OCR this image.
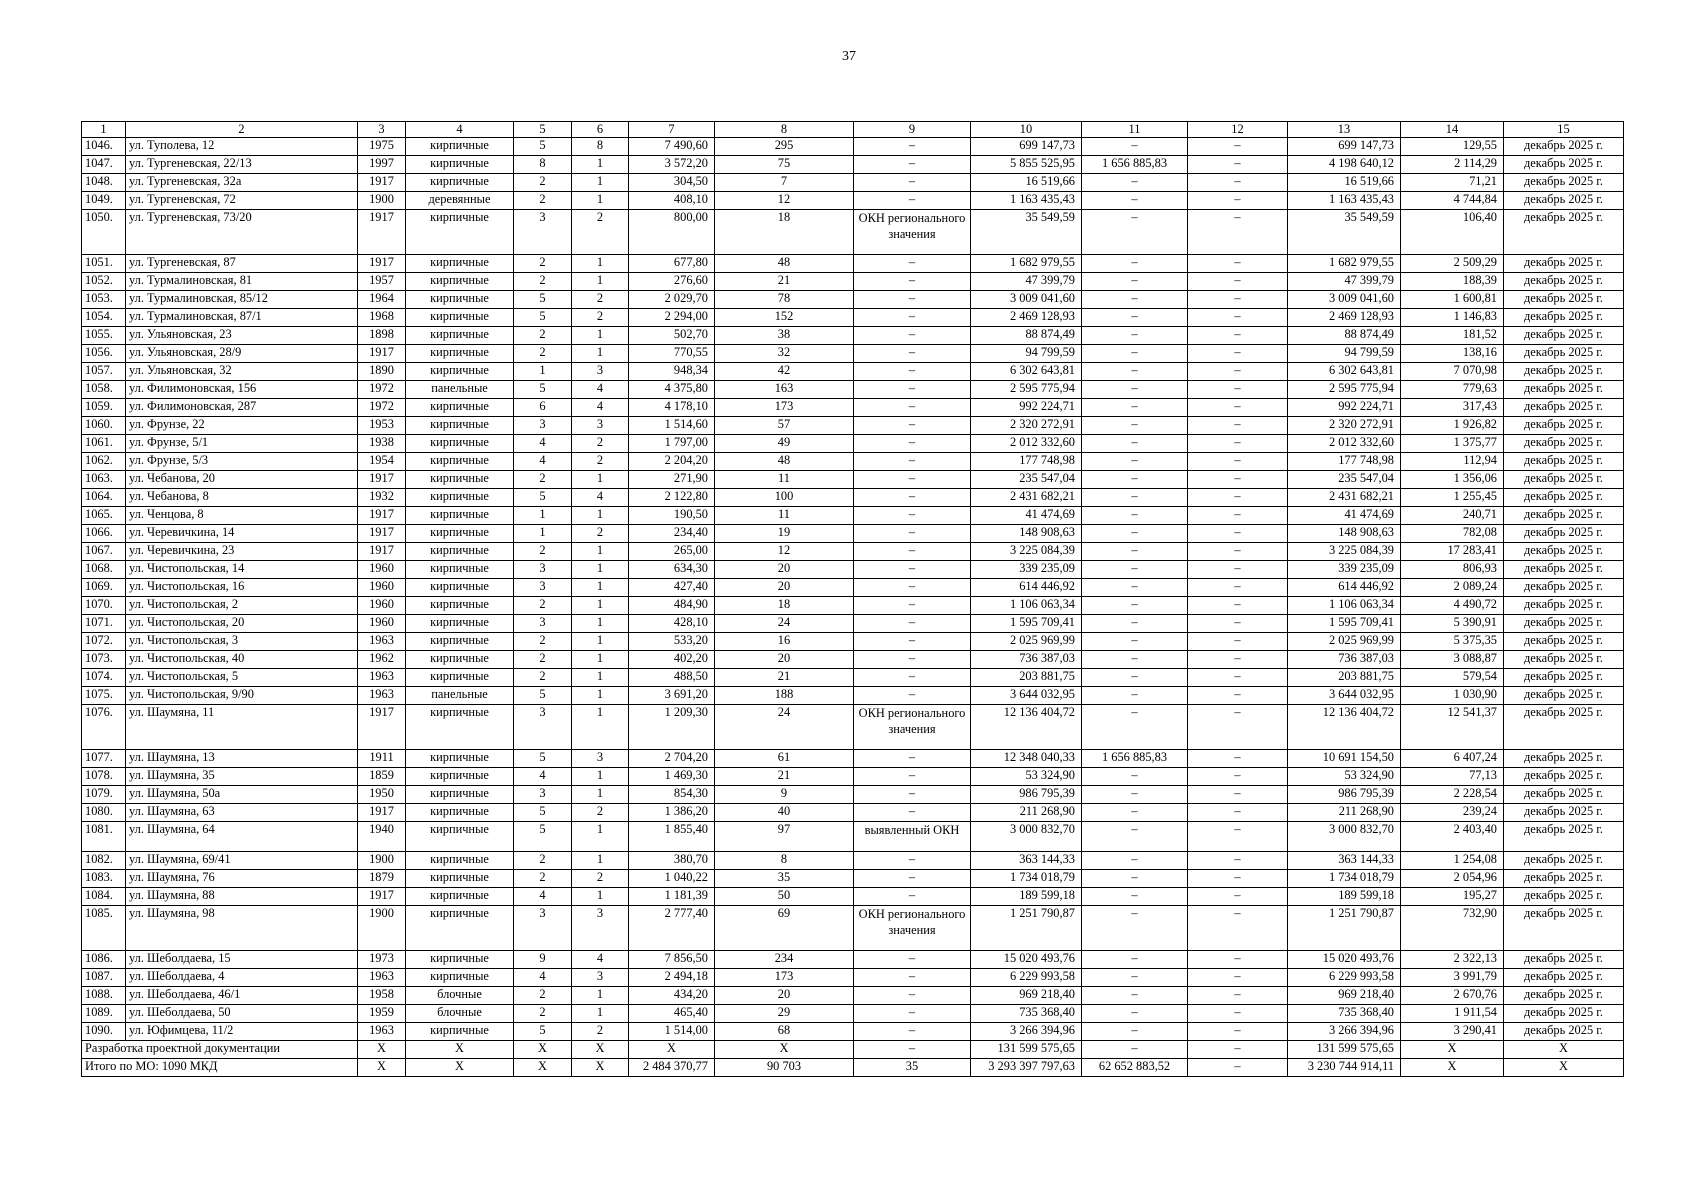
37
1	2	3	4	5	6	7	8	9	10	11	12	13	14	15
1046.	ул. Туполева, 12	1975	кирпичные	5	8	7 490,60	295	–	699 147,73	–	–	699 147,73	129,55	декабрь 2025 г.
1047.	ул. Тургеневская, 22/13	1997	кирпичные	8	1	3 572,20	75	–	5 855 525,95	1 656 885,83	–	4 198 640,12	2 114,29	декабрь 2025 г.
1048.	ул. Тургеневская, 32а	1917	кирпичные	2	1	304,50	7	–	16 519,66	–	–	16 519,66	71,21	декабрь 2025 г.
1049.	ул. Тургеневская, 72	1900	деревянные	2	1	408,10	12	–	1 163 435,43	–	–	1 163 435,43	4 744,84	декабрь 2025 г.
1050.	ул. Тургеневская, 73/20	1917	кирпичные	3	2	800,00	18	ОКН регионального значения	35 549,59	–	–	35 549,59	106,40	декабрь 2025 г.
1051.	ул. Тургеневская, 87	1917	кирпичные	2	1	677,80	48	–	1 682 979,55	–	–	1 682 979,55	2 509,29	декабрь 2025 г.
1052.	ул. Турмалиновская, 81	1957	кирпичные	2	1	276,60	21	–	47 399,79	–	–	47 399,79	188,39	декабрь 2025 г.
1053.	ул. Турмалиновская, 85/12	1964	кирпичные	5	2	2 029,70	78	–	3 009 041,60	–	–	3 009 041,60	1 600,81	декабрь 2025 г.
1054.	ул. Турмалиновская, 87/1	1968	кирпичные	5	2	2 294,00	152	–	2 469 128,93	–	–	2 469 128,93	1 146,83	декабрь 2025 г.
1055.	ул. Ульяновская, 23	1898	кирпичные	2	1	502,70	38	–	88 874,49	–	–	88 874,49	181,52	декабрь 2025 г.
1056.	ул. Ульяновская, 28/9	1917	кирпичные	2	1	770,55	32	–	94 799,59	–	–	94 799,59	138,16	декабрь 2025 г.
1057.	ул. Ульяновская, 32	1890	кирпичные	1	3	948,34	42	–	6 302 643,81	–	–	6 302 643,81	7 070,98	декабрь 2025 г.
1058.	ул. Филимоновская, 156	1972	панельные	5	4	4 375,80	163	–	2 595 775,94	–	–	2 595 775,94	779,63	декабрь 2025 г.
1059.	ул. Филимоновская, 287	1972	кирпичные	6	4	4 178,10	173	–	992 224,71	–	–	992 224,71	317,43	декабрь 2025 г.
1060.	ул. Фрунзе, 22	1953	кирпичные	3	3	1 514,60	57	–	2 320 272,91	–	–	2 320 272,91	1 926,82	декабрь 2025 г.
1061.	ул. Фрунзе, 5/1	1938	кирпичные	4	2	1 797,00	49	–	2 012 332,60	–	–	2 012 332,60	1 375,77	декабрь 2025 г.
1062.	ул. Фрунзе, 5/3	1954	кирпичные	4	2	2 204,20	48	–	177 748,98	–	–	177 748,98	112,94	декабрь 2025 г.
1063.	ул. Чебанова, 20	1917	кирпичные	2	1	271,90	11	–	235 547,04	–	–	235 547,04	1 356,06	декабрь 2025 г.
1064.	ул. Чебанова, 8	1932	кирпичные	5	4	2 122,80	100	–	2 431 682,21	–	–	2 431 682,21	1 255,45	декабрь 2025 г.
1065.	ул. Ченцова, 8	1917	кирпичные	1	1	190,50	11	–	41 474,69	–	–	41 474,69	240,71	декабрь 2025 г.
1066.	ул. Черевичкина, 14	1917	кирпичные	1	2	234,40	19	–	148 908,63	–	–	148 908,63	782,08	декабрь 2025 г.
1067.	ул. Черевичкина, 23	1917	кирпичные	2	1	265,00	12	–	3 225 084,39	–	–	3 225 084,39	17 283,41	декабрь 2025 г.
1068.	ул. Чистопольская, 14	1960	кирпичные	3	1	634,30	20	–	339 235,09	–	–	339 235,09	806,93	декабрь 2025 г.
1069.	ул. Чистопольская, 16	1960	кирпичные	3	1	427,40	20	–	614 446,92	–	–	614 446,92	2 089,24	декабрь 2025 г.
1070.	ул. Чистопольская, 2	1960	кирпичные	2	1	484,90	18	–	1 106 063,34	–	–	1 106 063,34	4 490,72	декабрь 2025 г.
1071.	ул. Чистопольская, 20	1960	кирпичные	3	1	428,10	24	–	1 595 709,41	–	–	1 595 709,41	5 390,91	декабрь 2025 г.
1072.	ул. Чистопольская, 3	1963	кирпичные	2	1	533,20	16	–	2 025 969,99	–	–	2 025 969,99	5 375,35	декабрь 2025 г.
1073.	ул. Чистопольская, 40	1962	кирпичные	2	1	402,20	20	–	736 387,03	–	–	736 387,03	3 088,87	декабрь 2025 г.
1074.	ул. Чистопольская, 5	1963	кирпичные	2	1	488,50	21	–	203 881,75	–	–	203 881,75	579,54	декабрь 2025 г.
1075.	ул. Чистопольская, 9/90	1963	панельные	5	1	3 691,20	188	–	3 644 032,95	–	–	3 644 032,95	1 030,90	декабрь 2025 г.
1076.	ул. Шаумяна, 11	1917	кирпичные	3	1	1 209,30	24	ОКН регионального значения	12 136 404,72	–	–	12 136 404,72	12 541,37	декабрь 2025 г.
1077.	ул. Шаумяна, 13	1911	кирпичные	5	3	2 704,20	61	–	12 348 040,33	1 656 885,83	–	10 691 154,50	6 407,24	декабрь 2025 г.
1078.	ул. Шаумяна, 35	1859	кирпичные	4	1	1 469,30	21	–	53 324,90	–	–	53 324,90	77,13	декабрь 2025 г.
1079.	ул. Шаумяна, 50а	1950	кирпичные	3	1	854,30	9	–	986 795,39	–	–	986 795,39	2 228,54	декабрь 2025 г.
1080.	ул. Шаумяна, 63	1917	кирпичные	5	2	1 386,20	40	–	211 268,90	–	–	211 268,90	239,24	декабрь 2025 г.
1081.	ул. Шаумяна, 64	1940	кирпичные	5	1	1 855,40	97	выявленный ОКН	3 000 832,70	–	–	3 000 832,70	2 403,40	декабрь 2025 г.
1082.	ул. Шаумяна, 69/41	1900	кирпичные	2	1	380,70	8	–	363 144,33	–	–	363 144,33	1 254,08	декабрь 2025 г.
1083.	ул. Шаумяна, 76	1879	кирпичные	2	2	1 040,22	35	–	1 734 018,79	–	–	1 734 018,79	2 054,96	декабрь 2025 г.
1084.	ул. Шаумяна, 88	1917	кирпичные	4	1	1 181,39	50	–	189 599,18	–	–	189 599,18	195,27	декабрь 2025 г.
1085.	ул. Шаумяна, 98	1900	кирпичные	3	3	2 777,40	69	ОКН регионального значения	1 251 790,87	–	–	1 251 790,87	732,90	декабрь 2025 г.
1086.	ул. Шеболдаева, 15	1973	кирпичные	9	4	7 856,50	234	–	15 020 493,76	–	–	15 020 493,76	2 322,13	декабрь 2025 г.
1087.	ул. Шеболдаева, 4	1963	кирпичные	4	3	2 494,18	173	–	6 229 993,58	–	–	6 229 993,58	3 991,79	декабрь 2025 г.
1088.	ул. Шеболдаева, 46/1	1958	блочные	2	1	434,20	20	–	969 218,40	–	–	969 218,40	2 670,76	декабрь 2025 г.
1089.	ул. Шеболдаева, 50	1959	блочные	2	1	465,40	29	–	735 368,40	–	–	735 368,40	1 911,54	декабрь 2025 г.
1090.	ул. Юфимцева, 11/2	1963	кирпичные	5	2	1 514,00	68	–	3 266 394,96	–	–	3 266 394,96	3 290,41	декабрь 2025 г.
Разработка проектной документации		X	X	X	X	X	X	–	131 599 575,65	–	–	131 599 575,65	X	X
Итого по МО: 1090 МКД		X	X	X	X	2 484 370,77	90 703	35	3 293 397 797,63	62 652 883,52	–	3 230 744 914,11	X	X
